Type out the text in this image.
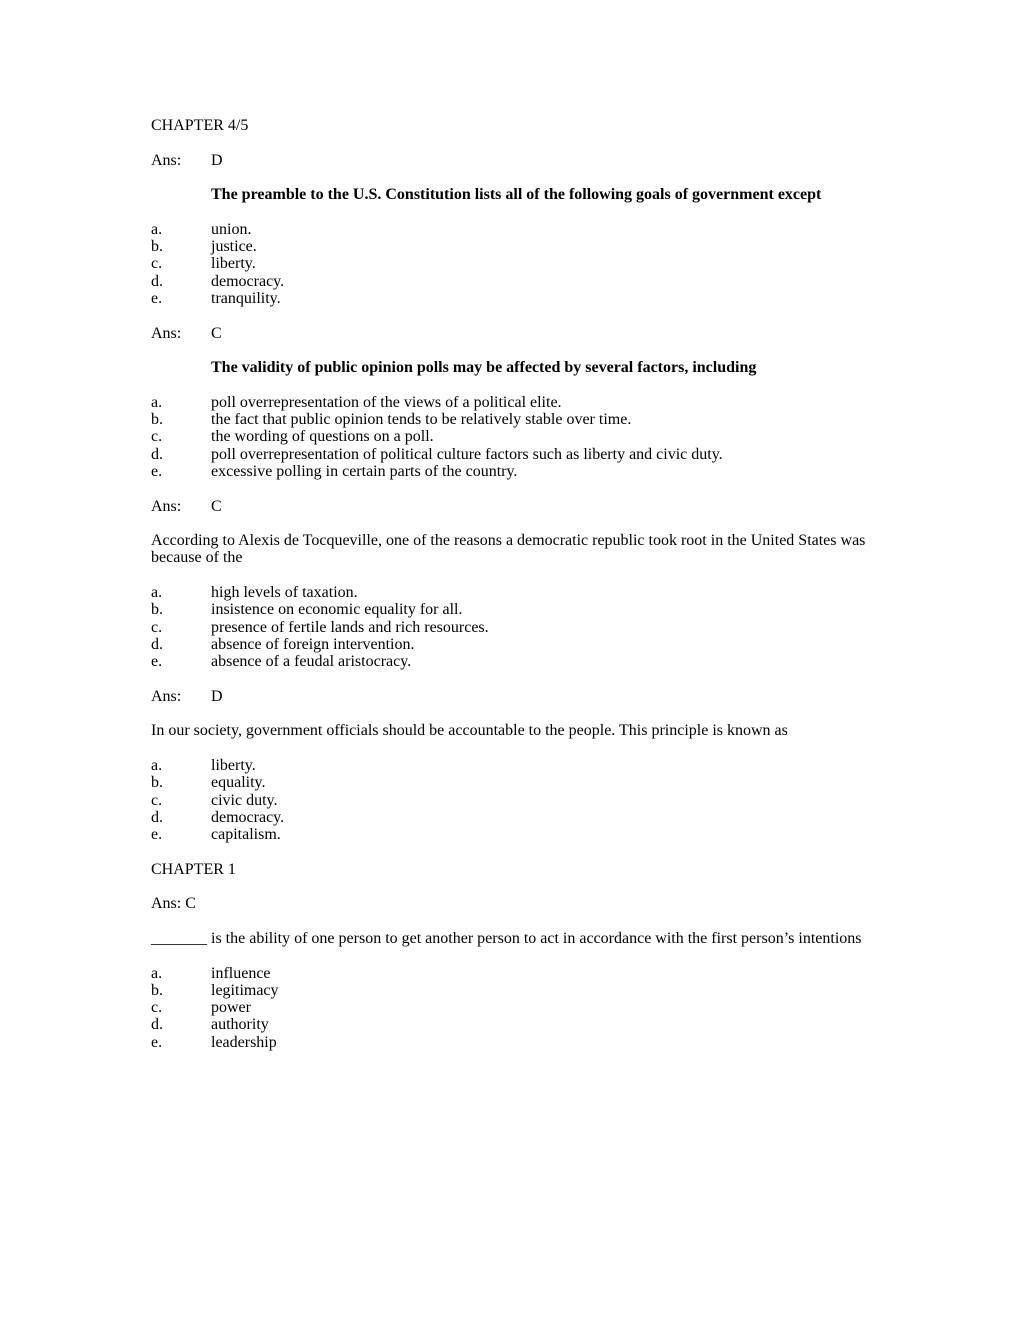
CHAPTER 4/5
Ans:	D
The preamble to the U.S. Constitution lists all of the following goals of government except
a.	union.
b.	justice.
c.	liberty.
d.	democracy.
e.	tranquility.
Ans:	C
The validity of public opinion polls may be affected by several factors, including
a.	poll overrepresentation of the views of a political elite.
b.	the fact that public opinion tends to be relatively stable over time.
c.	the wording of questions on a poll.
d.	poll overrepresentation of political culture factors such as liberty and civic duty.
e.	excessive polling in certain parts of the country.
Ans:	C
According to Alexis de Tocqueville, one of the reasons a democratic republic took root in the United States was
because of the
a.	high levels of taxation.
b.	insistence on economic equality for all.
c.	presence of fertile lands and rich resources.
d.	absence of foreign intervention.
e.	absence of a feudal aristocracy.
Ans:	D
In our society, government officials should be accountable to the people. This principle is known as
a.	liberty.
b.	equality.
c.	civic duty.
d.	democracy.
e.	capitalism.
CHAPTER 1
Ans: C
_______ is the ability of one person to get another person to act in accordance with the first person’s intentions
a.	influence
b.	legitimacy
c.	power
d.	authority
e.	leadership
